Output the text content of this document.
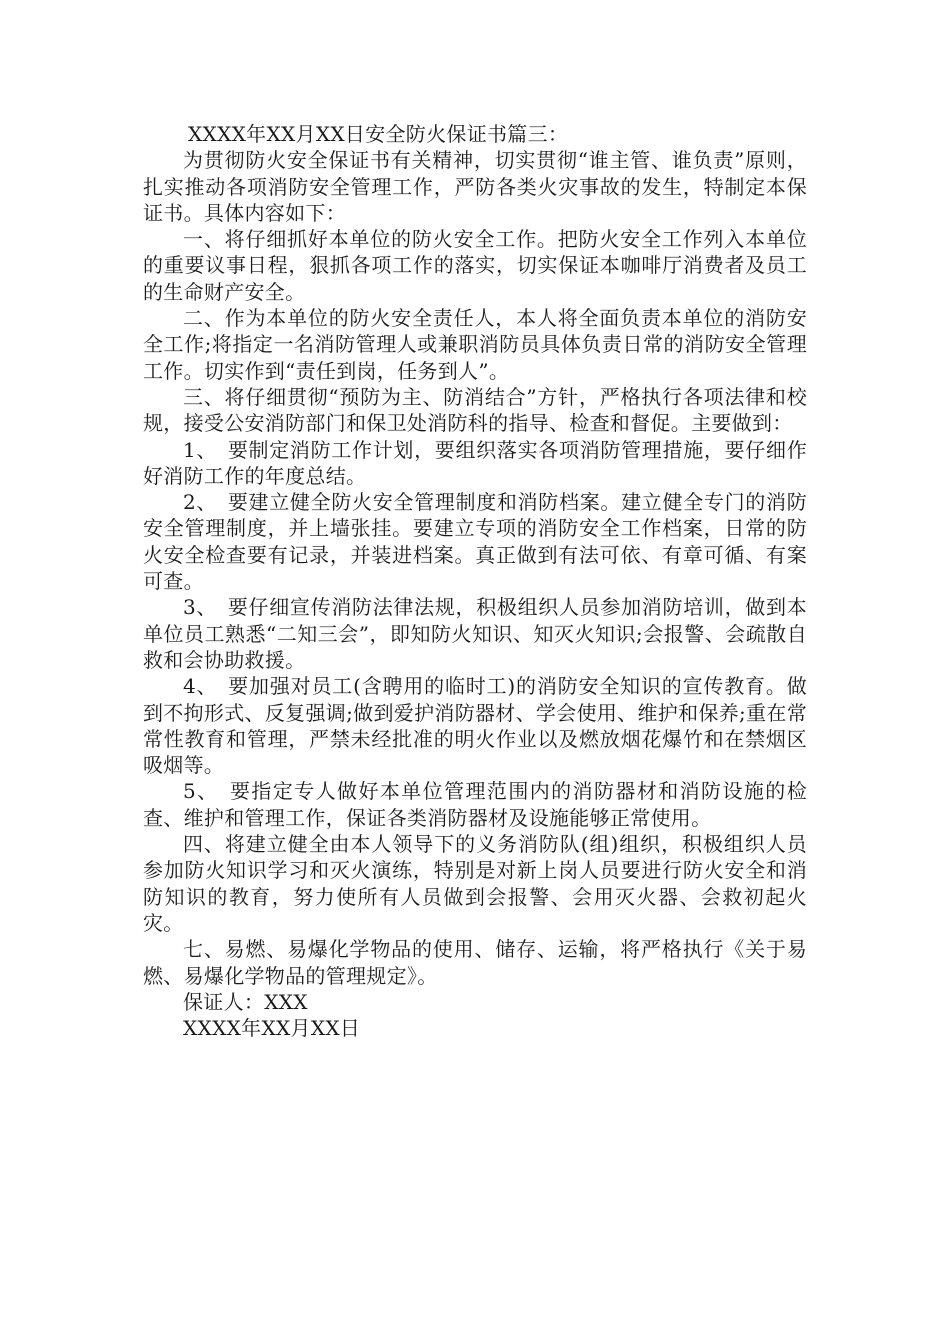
XXXX年XX月XX日安全防火保证书篇三：

为贯彻防火安全保证书有关精神，切实贯彻“谁主管、谁负责”原则，扎实推动各项消防安全管理工作，严防各类火灾事故的发生，特制定本保证书。具体内容如下：

一、将仔细抓好本单位的防火安全工作。把防火安全工作列入本单位的重要议事日程，狠抓各项工作的落实，切实保证本咖啡厅消费者及员工的生命财产安全。

二、作为本单位的防火安全责任人，本人将全面负责本单位的消防安全工作;将指定一名消防管理人或兼职消防员具体负责日常的消防安全管理工作。切实作到“责任到岗，任务到人”。

三、将仔细贯彻“预防为主、防消结合”方针，严格执行各项法律和校规，接受公安消防部门和保卫处消防科的指导、检查和督促。主要做到：

1、　要制定消防工作计划，要组织落实各项消防管理措施，要仔细作好消防工作的年度总结。

2、　要建立健全防火安全管理制度和消防档案。建立健全专门的消防安全管理制度，并上墙张挂。要建立专项的消防安全工作档案，日常的防火安全检查要有记录，并装进档案。真正做到有法可依、有章可循、有案可查。

3、　要仔细宣传消防法律法规，积极组织人员参加消防培训，做到本单位员工熟悉“二知三会”，即知防火知识、知灭火知识;会报警、会疏散自救和会协助救援。

4、　要加强对员工(含聘用的临时工)的消防安全知识的宣传教育。做到不拘形式、反复强调;做到爱护消防器材、学会使用、维护和保养;重在常常性教育和管理，严禁未经批准的明火作业以及燃放烟花爆竹和在禁烟区吸烟等。

5、　要指定专人做好本单位管理范围内的消防器材和消防设施的检查、维护和管理工作，保证各类消防器材及设施能够正常使用。

四、将建立健全由本人领导下的义务消防队(组)组织，积极组织人员参加防火知识学习和灭火演练，特别是对新上岗人员要进行防火安全和消防知识的教育，努力使所有人员做到会报警、会用灭火器、会救初起火灾。

七、易燃、易爆化学物品的使用、储存、运输，将严格执行《关于易燃、易爆化学物品的管理规定》。

保证人：XXX

XXXX年XX月XX日
